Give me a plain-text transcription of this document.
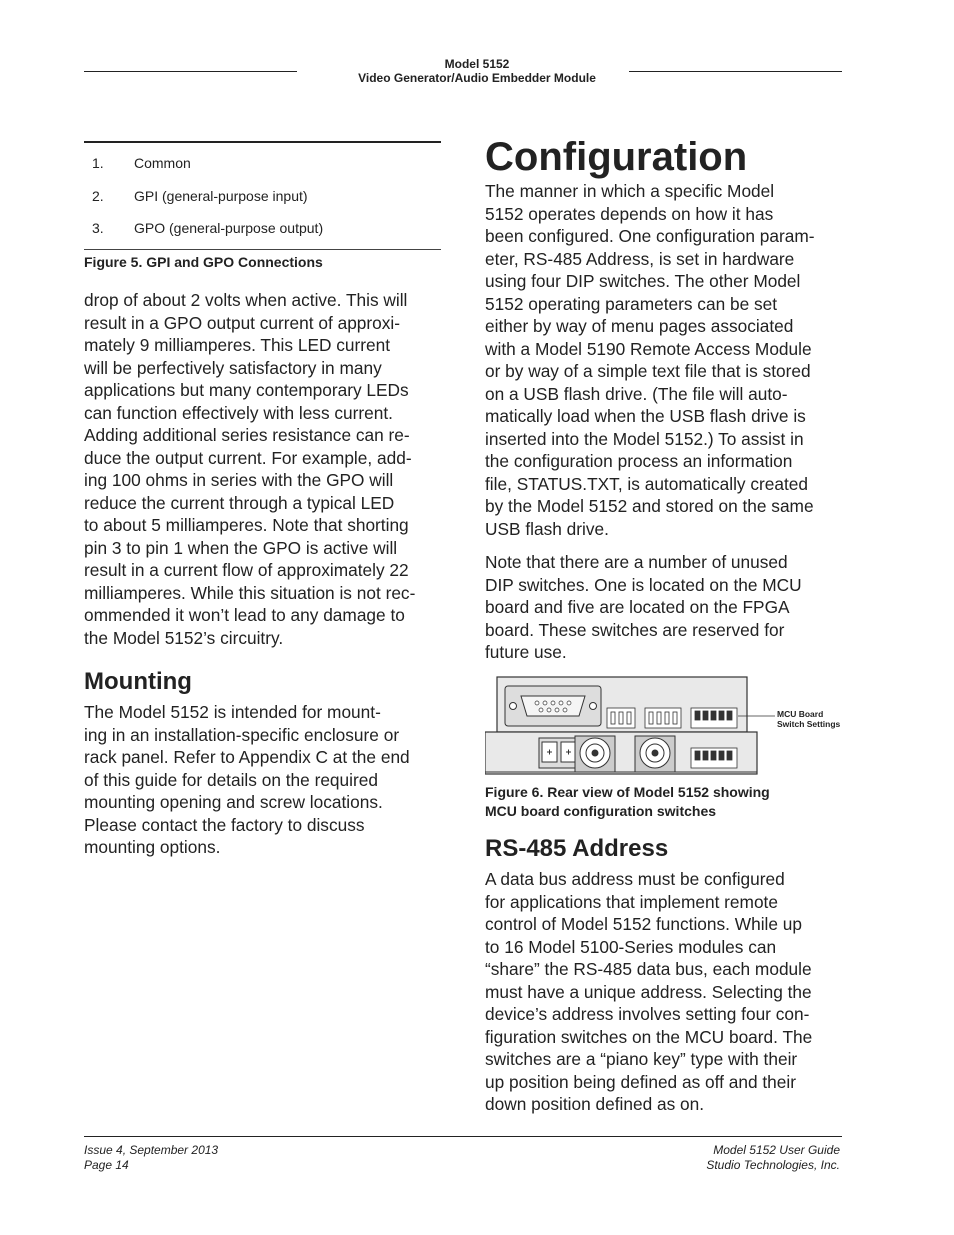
Model 5152
Video Generator/Audio Embedder Module
1.	Common
2.	GPI (general-purpose input)
3.	GPO (general-purpose output)
Figure 5. GPI and GPO Connections
drop of about 2 volts when active. This will
result in a GPO output current of approxi-
mately 9 milliamperes. This LED current
will be perfectively satisfactory in many
applications but many contemporary LEDs
can function effectively with less current.
Adding additional series resistance can re-
duce the output current. For example, add-
ing 100 ohms in series with the GPO will
reduce the current through a typical LED
to about 5 milliamperes. Note that shorting
pin 3 to pin 1 when the GPO is active will
result in a current flow of approximately 22
milliamperes. While this situation is not rec-
ommended it won’t lead to any damage to
the Model 5152’s circuitry.
Mounting
The Model 5152 is intended for mount-
ing in an installation-specific enclosure or
rack panel. Refer to Appendix C at the end
of this guide for details on the required
mounting opening and screw locations.
Please contact the factory to discuss
mounting options.
Configuration
The manner in which a specific Model
5152 operates depends on how it has
been configured. One configuration param-
eter, RS-485 Address, is set in hardware
using four DIP switches. The other Model
5152 operating parameters can be set
either by way of menu pages associated
with a Model 5190 Remote Access Module
or by way of a simple text file that is stored
on a USB flash drive. (The file will auto-
matically load when the USB flash drive is
inserted into the Model 5152.) To assist in
the configuration process an information
file, STATUS.TXT, is automatically created
by the Model 5152 and stored on the same
USB flash drive.
Note that there are a number of unused
DIP switches. One is located on the MCU
board and five are located on the FPGA
board. These switches are reserved for
future use.
MCU Board
Switch Settings
Figure 6. Rear view of Model 5152 showing
MCU board configuration switches
RS-485 Address
A data bus address must be configured
for applications that implement remote
control of Model 5152 functions. While up
to 16 Model 5100-Series modules can
“share” the RS-485 data bus, each module
must have a unique address. Selecting the
device’s address involves setting four con-
figuration switches on the MCU board. The
switches are a “piano key” type with their
up position being defined as off and their
down position defined as on.
Issue 4, September 2013
Page 14
Model 5152 User Guide
Studio Technologies, Inc.
